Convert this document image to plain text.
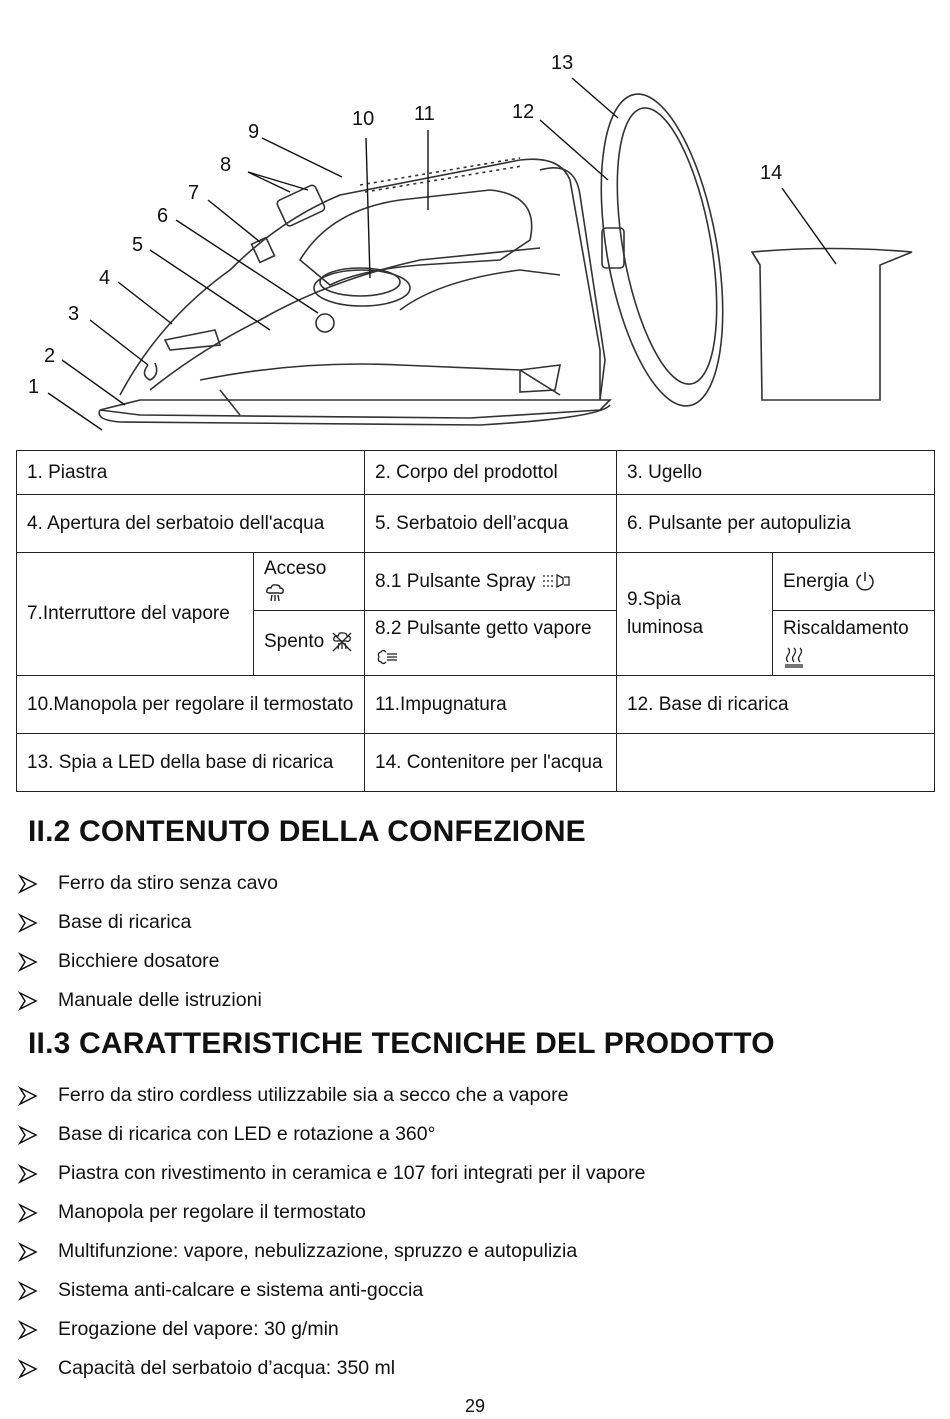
1
2
3
4
5
6
7
8
9
10 11	12
13
14
1. Piastra		2. Corpo del prodottol	3. Ugello	
4. Apertura del serbatoio dell'acqua		5. Serbatoio dell’acqua	6. Pulsante per autopulizia	
7.Interruttore del vapore	Acceso	8.1 Pulsante Spray	9.Spia luminosa	Energia
	Spento	8.2 Pulsante getto vapore		Riscaldamento

10.Manopola per regolare il termostato		11.Impugnatura	12. Base di ricarica	
13. Spia a LED della base di ricarica		14. Contenitore per l'acqua		
II.2 CONTENUTO DELLA CONFEZIONE
Ferro da stiro senza cavo
Base di ricarica
Bicchiere dosatore
Manuale delle istruzioni
II.3 CARATTERISTICHE TECNICHE DEL PRODOTTO
Ferro da stiro cordless utilizzabile sia a secco che a vapore
Base di ricarica con LED e rotazione a 360°
Piastra con rivestimento in ceramica e 107 fori integrati per il vapore
Manopola per regolare il termostato
Multifunzione: vapore, nebulizzazione, spruzzo e autopulizia
Sistema anti-calcare e sistema anti-goccia
Erogazione del vapore: 30 g/min
Capacità del serbatoio d’acqua: 350 ml
29
